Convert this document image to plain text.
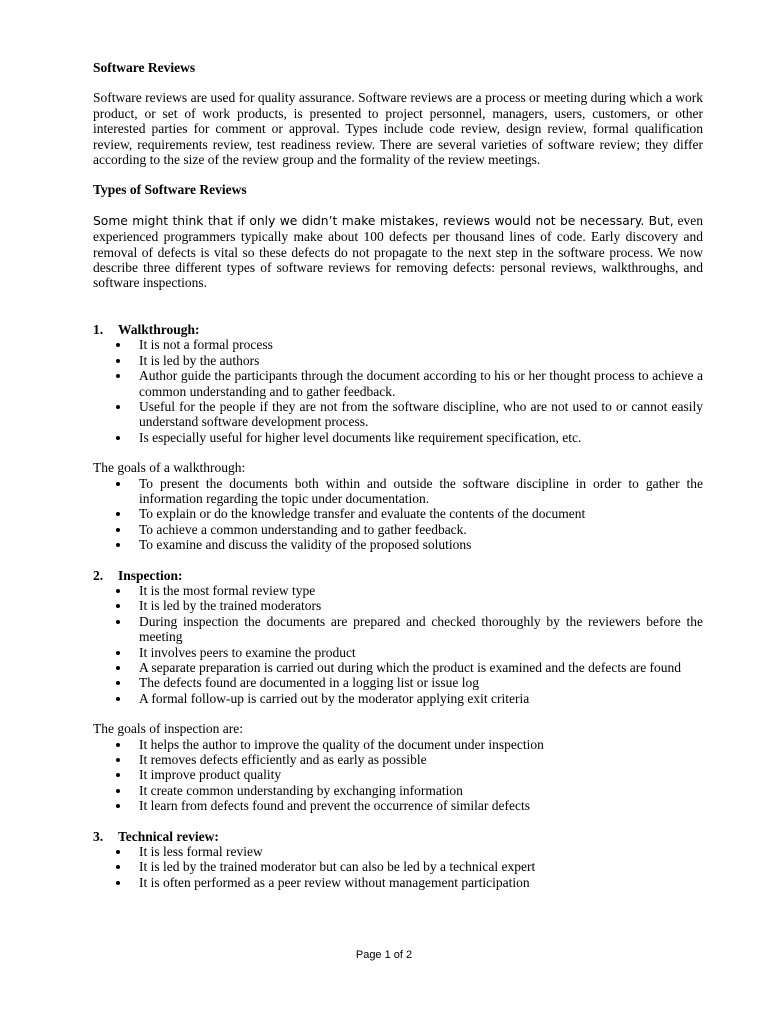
Software Reviews

Software reviews are used for quality assurance. Software reviews are a process or meeting during which a work product, or set of work products, is presented to project personnel, managers, users, customers, or other interested parties for comment or approval. Types include code review, design review, formal qualification review, requirements review, test readiness review. There are several varieties of software review; they differ according to the size of the review group and the formality of the review meetings.

Types of Software Reviews

Some might think that if only we didn’t make mistakes, reviews would not be necessary. But, even experienced programmers typically make about 100 defects per thousand lines of code. Early discovery and removal of defects is vital so these defects do not propagate to the next step in the software process. We now describe three different types of software reviews for removing defects: personal reviews, walkthroughs, and software inspections.

1.	Walkthrough:
It is not a formal process
It is led by the authors
Author guide the participants through the document according to his or her thought process to achieve a common understanding and to gather feedback.
Useful for the people if they are not from the software discipline, who are not used to or cannot easily understand software development process.
Is especially useful for higher level documents like requirement specification, etc.
The goals of a walkthrough:
To present the documents both within and outside the software discipline in order to gather the information regarding the topic under documentation.
To explain or do the knowledge transfer and evaluate the contents of the document
To achieve a common understanding and to gather feedback.
To examine and discuss the validity of the proposed solutions
2.	Inspection:
It is the most formal review type
It is led by the trained moderators
During inspection the documents are prepared and checked thoroughly by the reviewers before the meeting
It involves peers to examine the product
A separate preparation is carried out during which the product is examined and the defects are found
The defects found are documented in a logging list or issue log
A formal follow-up is carried out by the moderator applying exit criteria
The goals of inspection are:
It helps the author to improve the quality of the document under inspection
It removes defects efficiently and as early as possible
It improve product quality
It create common understanding by exchanging information
It learn from defects found and prevent the occurrence of similar defects
3.	Technical review:
It is less formal review
It is led by the trained moderator but can also be led by a technical expert
It is often performed as a peer review without management participation
Page 1 of 2
